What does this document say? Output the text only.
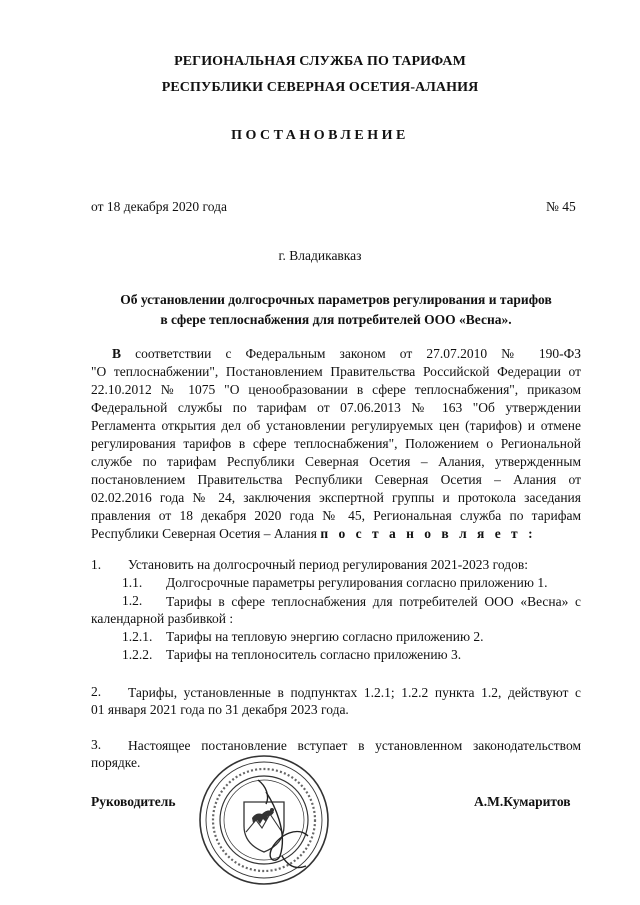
РЕГИОНАЛЬНАЯ СЛУЖБА ПО ТАРИФАМ
РЕСПУБЛИКИ СЕВЕРНАЯ ОСЕТИЯ-АЛАНИЯ
ПОСТАНОВЛЕНИЕ
от 18 декабря 2020 года	№ 45
г. Владикавказ
Об установлении долгосрочных параметров регулирования и тарифов
в сфере теплоснабжения для потребителей ООО «Весна».
В соответствии с Федеральным законом от 27.07.2010 № 190-ФЗ
"О теплоснабжении", Постановлением Правительства Российской Федерации от
22.10.2012 № 1075 "О ценообразовании в сфере теплоснабжения", приказом
Федеральной службы по тарифам от 07.06.2013 № 163 "Об утверждении
Регламента открытия дел об установлении регулируемых цен (тарифов) и отмене
регулирования тарифов в сфере теплоснабжения", Положением о Региональной
службе по тарифам Республики Северная Осетия – Алания, утвержденным
постановлением Правительства Республики Северная Осетия – Алания от
02.02.2016 года № 24, заключения экспертной группы и протокола заседания
правления от 18 декабря 2020 года № 45, Региональная служба по тарифам
Республики Северная Осетия – Алания п о с т а н о в л я е т :
1. Установить на долгосрочный период регулирования 2021-2023 годов:
1.1. Долгосрочные параметры регулирования согласно приложению 1.
1.2. Тарифы в сфере теплоснабжения для потребителей ООО «Весна» с
календарной разбивкой :
1.2.1. Тарифы на тепловую энергию согласно приложению 2.
1.2.2. Тарифы на теплоноситель согласно приложению 3.
2. Тарифы, установленные в подпунктах 1.2.1; 1.2.2 пункта 1.2, действуют с
01 января 2021 года по 31 декабря 2023 года.
3. Настоящее постановление вступает в установленном законодательством
порядке.
Руководитель	А.М.Кумаритов
